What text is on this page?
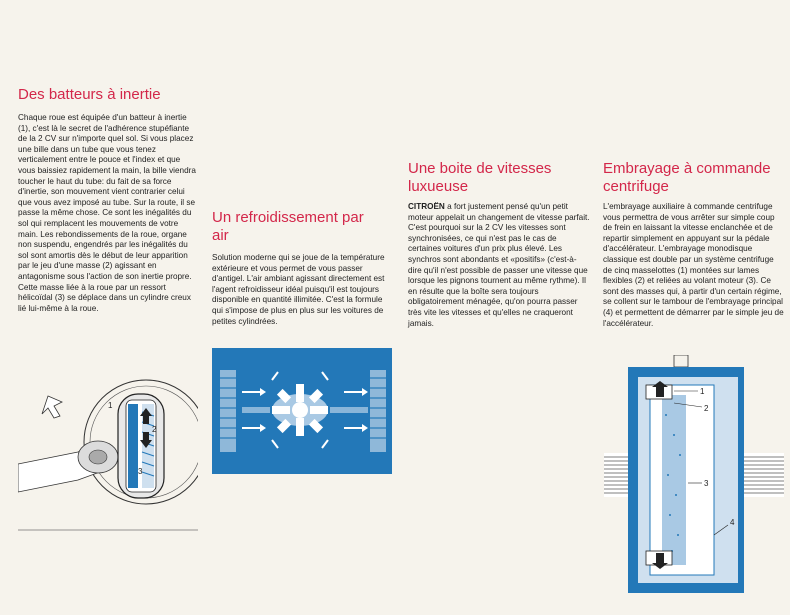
Des batteurs à inertie

Chaque roue est équipée d'un batteur à inertie (1), c'est là le secret de l'adhérence stupéfiante de la 2 CV sur n'importe quel sol. Si vous placez une bille dans un tube que vous tenez verticalement entre le pouce et l'index et que vous baissiez rapidement la main, la bille viendra toucher le haut du tube: du fait de sa force d'inertie, son mouvement vient contrarier celui que vous avez imposé au tube. Sur la route, il se passe la même chose. Ce sont les inégalités du sol qui remplacent les mouvements de votre main. Les rebondissements de la roue, organe non suspendu, engendrés par les inégalités du sol sont amortis dès le début de leur apparition par le jeu d'une masse (2) agissant en antagonisme sous l'action de son inertie propre. Cette masse liée à la roue par un ressort hélicoïdal (3) se déplace dans un cylindre creux lié lui-même à la roue.

Un refroidissement par air

Solution moderne qui se joue de la température extérieure et vous permet de vous passer d'antigel. L'air ambiant agissant directement est l'agent refroidisseur idéal puisqu'il est toujours disponible en quantité illimitée. C'est la formule qui s'impose de plus en plus sur les voitures de petites cylindrées.

Une boite de vitesses luxueuse

CITROËN a fort justement pensé qu'un petit moteur appelait un changement de vitesse parfait. C'est pourquoi sur la 2 CV les vitesses sont synchronisées, ce qui n'est pas le cas de certaines voitures d'un prix plus élevé. Les synchros sont abondants et «positifs» (c'est-à-dire qu'il n'est possible de passer une vitesse que lorsque les pignons tournent au même rythme). Il en résulte que la boîte sera toujours obligatoirement ménagée, qu'on pourra passer très vite les vitesses et qu'elles ne craqueront jamais.

Embrayage à commande centrifuge

L'embrayage auxiliaire à commande centrifuge vous permettra de vous arrêter sur simple coup de frein en laissant la vitesse enclanchée et de repartir simplement en appuyant sur la pédale d'accélérateur. L'embrayage monodisque classique est double par un système centrifuge de cinq masselottes (1) montées sur lames flexibles (2) et reliées au volant moteur (3). Ce sont des masses qui, à partir d'un certain régime, se collent sur le tambour de l'embrayage principal (4) et permettent de démarrer par le simple jeu de l'accélérateur.

1
2
3
1
2
3
4
